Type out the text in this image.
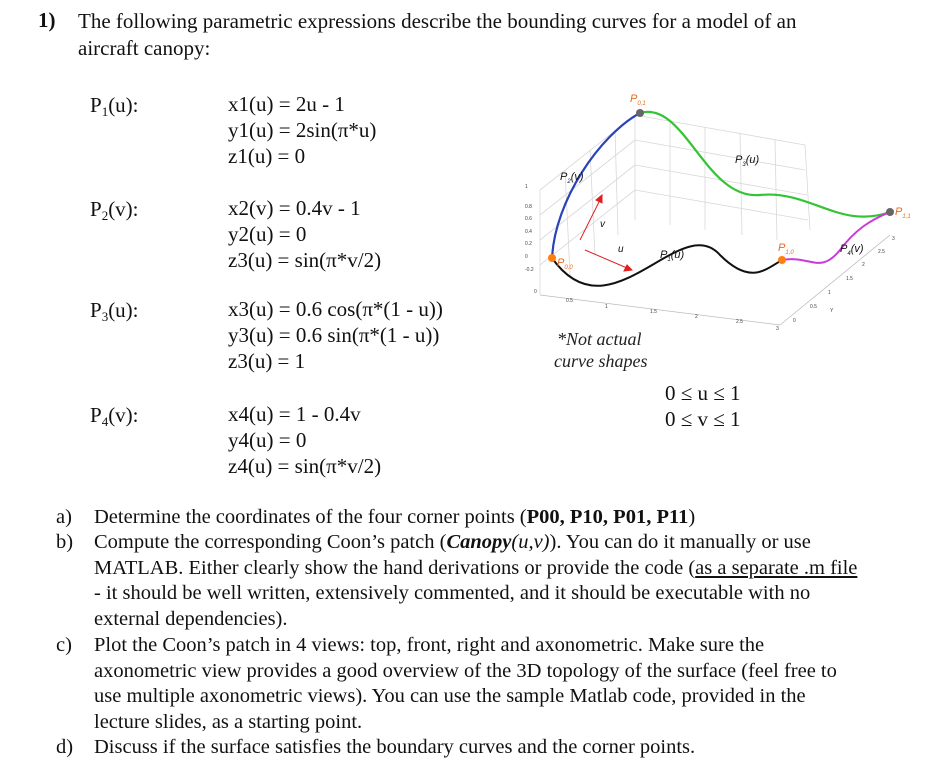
1) The following parametric expressions describe the bounding curves for a model of an
aircraft canopy:
$P_1(u)$:	x1(u) = 2u - 1
y1(u) = 2sin(π*u)
z1(u) = 0
$P_2(v)$:	x2(v) = 0.4v - 1
y2(u) = 0
z3(u) = sin(π*v/2)
$P_3(u)$:	x3(u) = 0.6 cos(π*(1 - u))
y3(u) = 0.6 sin(π*(1 - u))
z3(u) = 1
$P_4(v)$:	x4(u) = 1 - 0.4v
y4(u) = 0
z4(u) = sin(π*v/2)
1
0.8
0.6
0.4
0.2
0
-0.2
0
0.5
1
1.5
2
2.5
3
0
0.5
1
1.5
2
2.5
3
Y
$P_{0,1}$
$P_{0,0}$
$P_{1,0}$
$P_{1,1}$
$P_1(u)$
$P_2(v)$
$P_3(u)$
$P_4(v)$
u
v
*Not actual
curve shapes
0 ≤ u ≤ 1
0 ≤ v ≤ 1
a) Determine the coordinates of the four corner points (P00, P10, P01, P11)
b) Compute the corresponding Coon’s patch (Canopy(u,v)). You can do it manually or use MATLAB. Either clearly show the hand derivations or provide the code (as a separate .m file - it should be well written, extensively commented, and it should be executable with no external dependencies).
c) Plot the Coon’s patch in 4 views: top, front, right and axonometric. Make sure the axonometric view provides a good overview of the 3D topology of the surface (feel free to use multiple axonometric views). You can use the sample Matlab code, provided in the lecture slides, as a starting point.
d) Discuss if the surface satisfies the boundary curves and the corner points.
